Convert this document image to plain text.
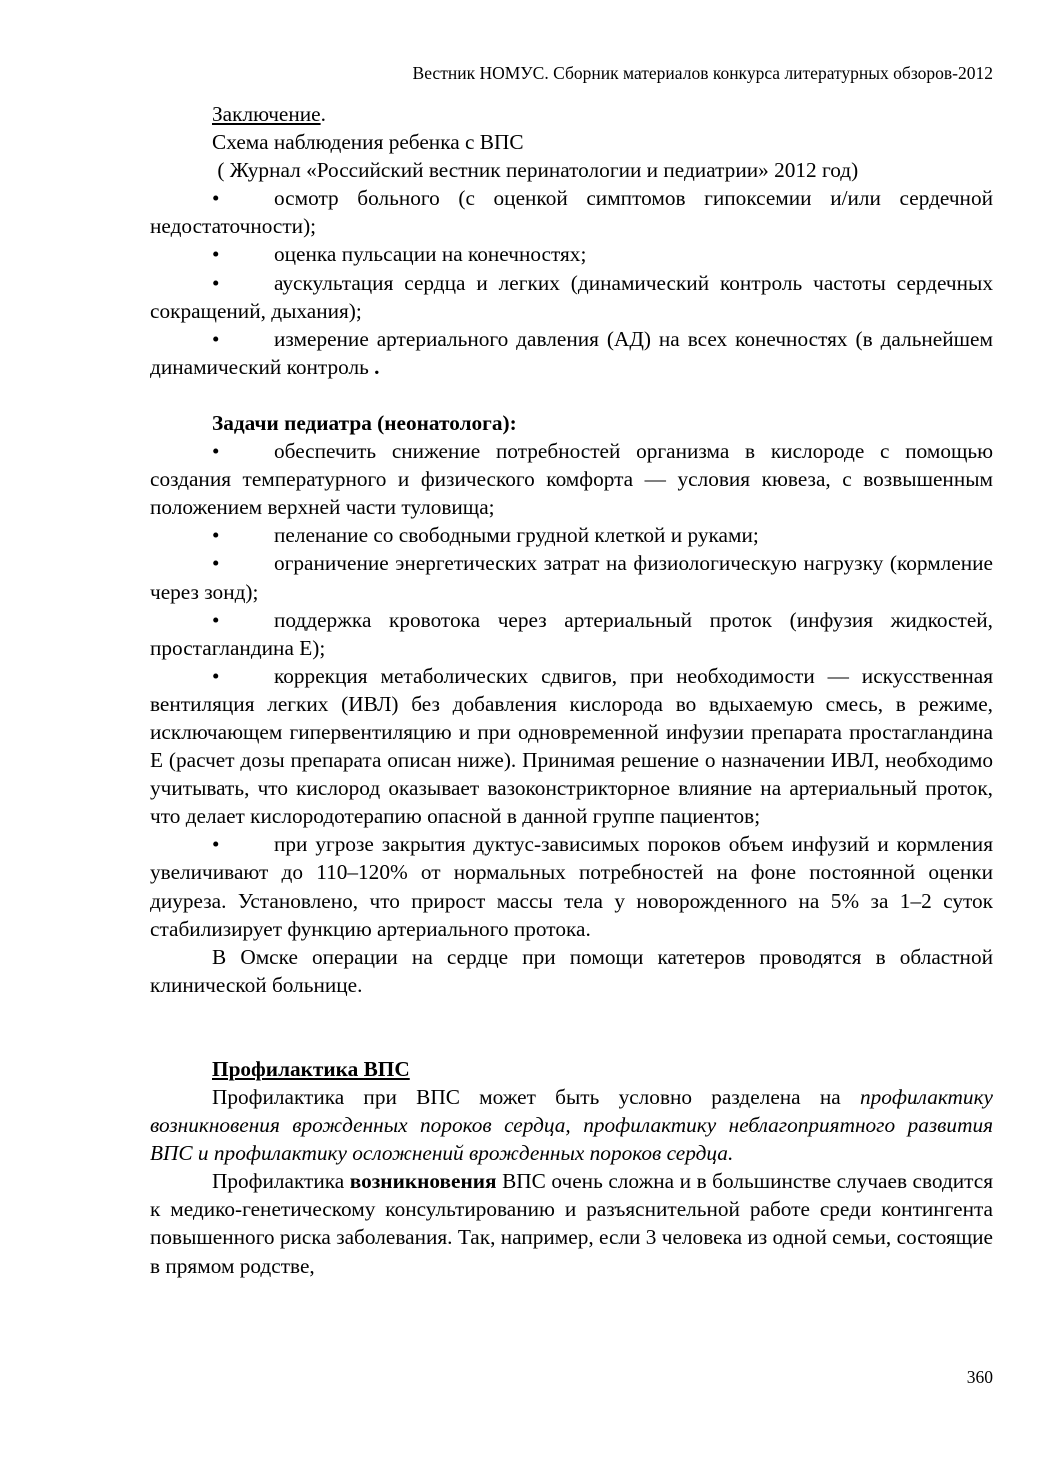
Вестник НОМУС. Сборник материалов конкурса литературных обзоров-2012

Заключение.

Схема наблюдения ребенка с ВПС

( Журнал «Российский вестник перинатологии и педиатрии» 2012 год)

•	осмотр больного (с оценкой симптомов гипоксемии и/или сердечной недостаточности);

•	оценка пульсации на конечностях;

•	аускультация сердца и легких (динамический контроль частоты сердечных сокращений, дыхания);

•	измерение артериального давления (АД) на всех конечностях (в дальнейшем динамический контроль .

Задачи педиатра (неонатолога):

•	обеспечить снижение потребностей организма в кислороде с помощью создания температурного и физического комфорта — условия кювеза, с возвышенным положением верхней части туловища;

•	пеленание со свободными грудной клеткой и руками;

•	ограничение энергетических затрат на физиологическую нагрузку (кормление через зонд);

•	поддержка кровотока через артериальный проток (инфузия жидкостей, простагландина Е);

•	коррекция метаболических сдвигов, при необходимости — искусственная вентиляция легких (ИВЛ) без добавления кислорода во вдыхаемую смесь, в режиме, исключающем гипервентиляцию и при одновременной инфузии препарата простагландина Е (расчет дозы препарата описан ниже). Принимая решение о назначении ИВЛ, необходимо учитывать, что кислород оказывает вазоконстрикторное влияние на артериальный проток, что делает кислородотерапию опасной в данной группе пациентов;

•	при угрозе закрытия дуктус-зависимых пороков объем инфузий и кормления увеличивают до 110–120% от нормальных потребностей на фоне постоянной оценки диуреза. Установлено, что прирост массы тела у новорожденного на 5% за 1–2 суток стабилизирует функцию артериального протока.

В Омске операции на сердце при помощи катетеров проводятся в областной клинической больнице.

Профилактика ВПС

Профилактика при ВПС может быть условно разделена на профилактику возникновения врожденных пороков сердца, профилактику неблагоприятного развития ВПС и профилактику осложнений врожденных пороков сердца.

Профилактика возникновения ВПС очень сложна и в большинстве случаев сводится к медико-генетическому консультированию и разъяснительной работе среди контингента повышенного риска заболевания. Так, например, если 3 человека из одной семьи, состоящие в прямом родстве,

360
